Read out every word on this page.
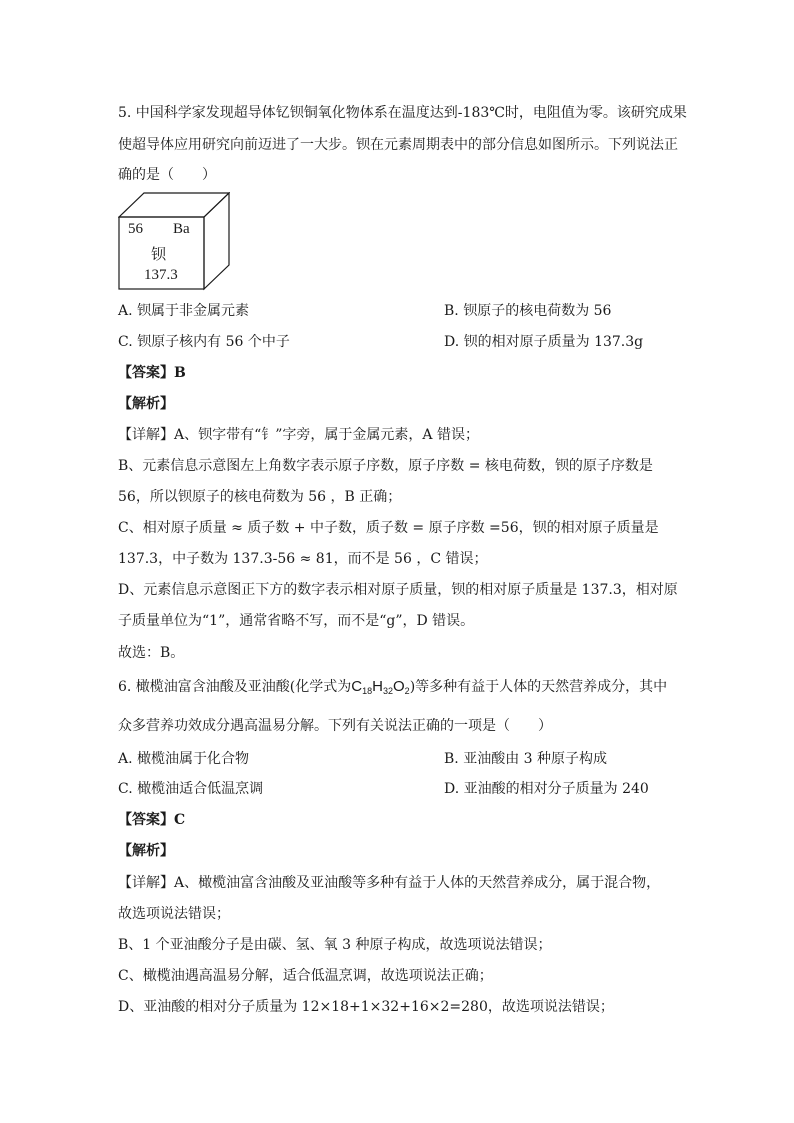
5. 中国科学家发现超导体钇钡铜氧化物体系在温度达到-183℃时，电阻值为零。该研究成果
使超导体应用研究向前迈进了一大步。钡在元素周期表中的部分信息如图所示。下列说法正
确的是（　　）
56 Ba
钡
137.3
A. 钡属于非金属元素	B. 钡原子的核电荷数为 56
C. 钡原子核内有 56 个中子	D. 钡的相对原子质量为 137.3g
【答案】B
【解析】
【详解】A、钡字带有“钅”字旁，属于金属元素，A 错误；
B、元素信息示意图左上角数字表示原子序数，原子序数 = 核电荷数，钡的原子序数是
56，所以钡原子的核电荷数为 56 ，B 正确；
C、相对原子质量 ≈ 质子数 + 中子数，质子数 = 原子序数 =56，钡的相对原子质量是
137.3，中子数为 137.3-56 ≈ 81，而不是 56 ，C 错误；
D、元素信息示意图正下方的数字表示相对原子质量，钡的相对原子质量是 137.3，相对原
子质量单位为“1”，通常省略不写，而不是“g”，D 错误。
故选：B。
6. 橄榄油富含油酸及亚油酸(化学式为$C_{18}H_{32}O_2$)等多种有益于人体的天然营养成分，其中
众多营养功效成分遇高温易分解。下列有关说法正确的一项是（　　）
A. 橄榄油属于化合物	B. 亚油酸由 3 种原子构成
C. 橄榄油适合低温烹调	D. 亚油酸的相对分子质量为 240
【答案】C
【解析】
【详解】A、橄榄油富含油酸及亚油酸等多种有益于人体的天然营养成分，属于混合物，
故选项说法错误；
B、1 个亚油酸分子是由碳、氢、氧 3 种原子构成，故选项说法错误；
C、橄榄油遇高温易分解，适合低温烹调，故选项说法正确；
D、亚油酸的相对分子质量为 12×18+1×32+16×2=280，故选项说法错误；
